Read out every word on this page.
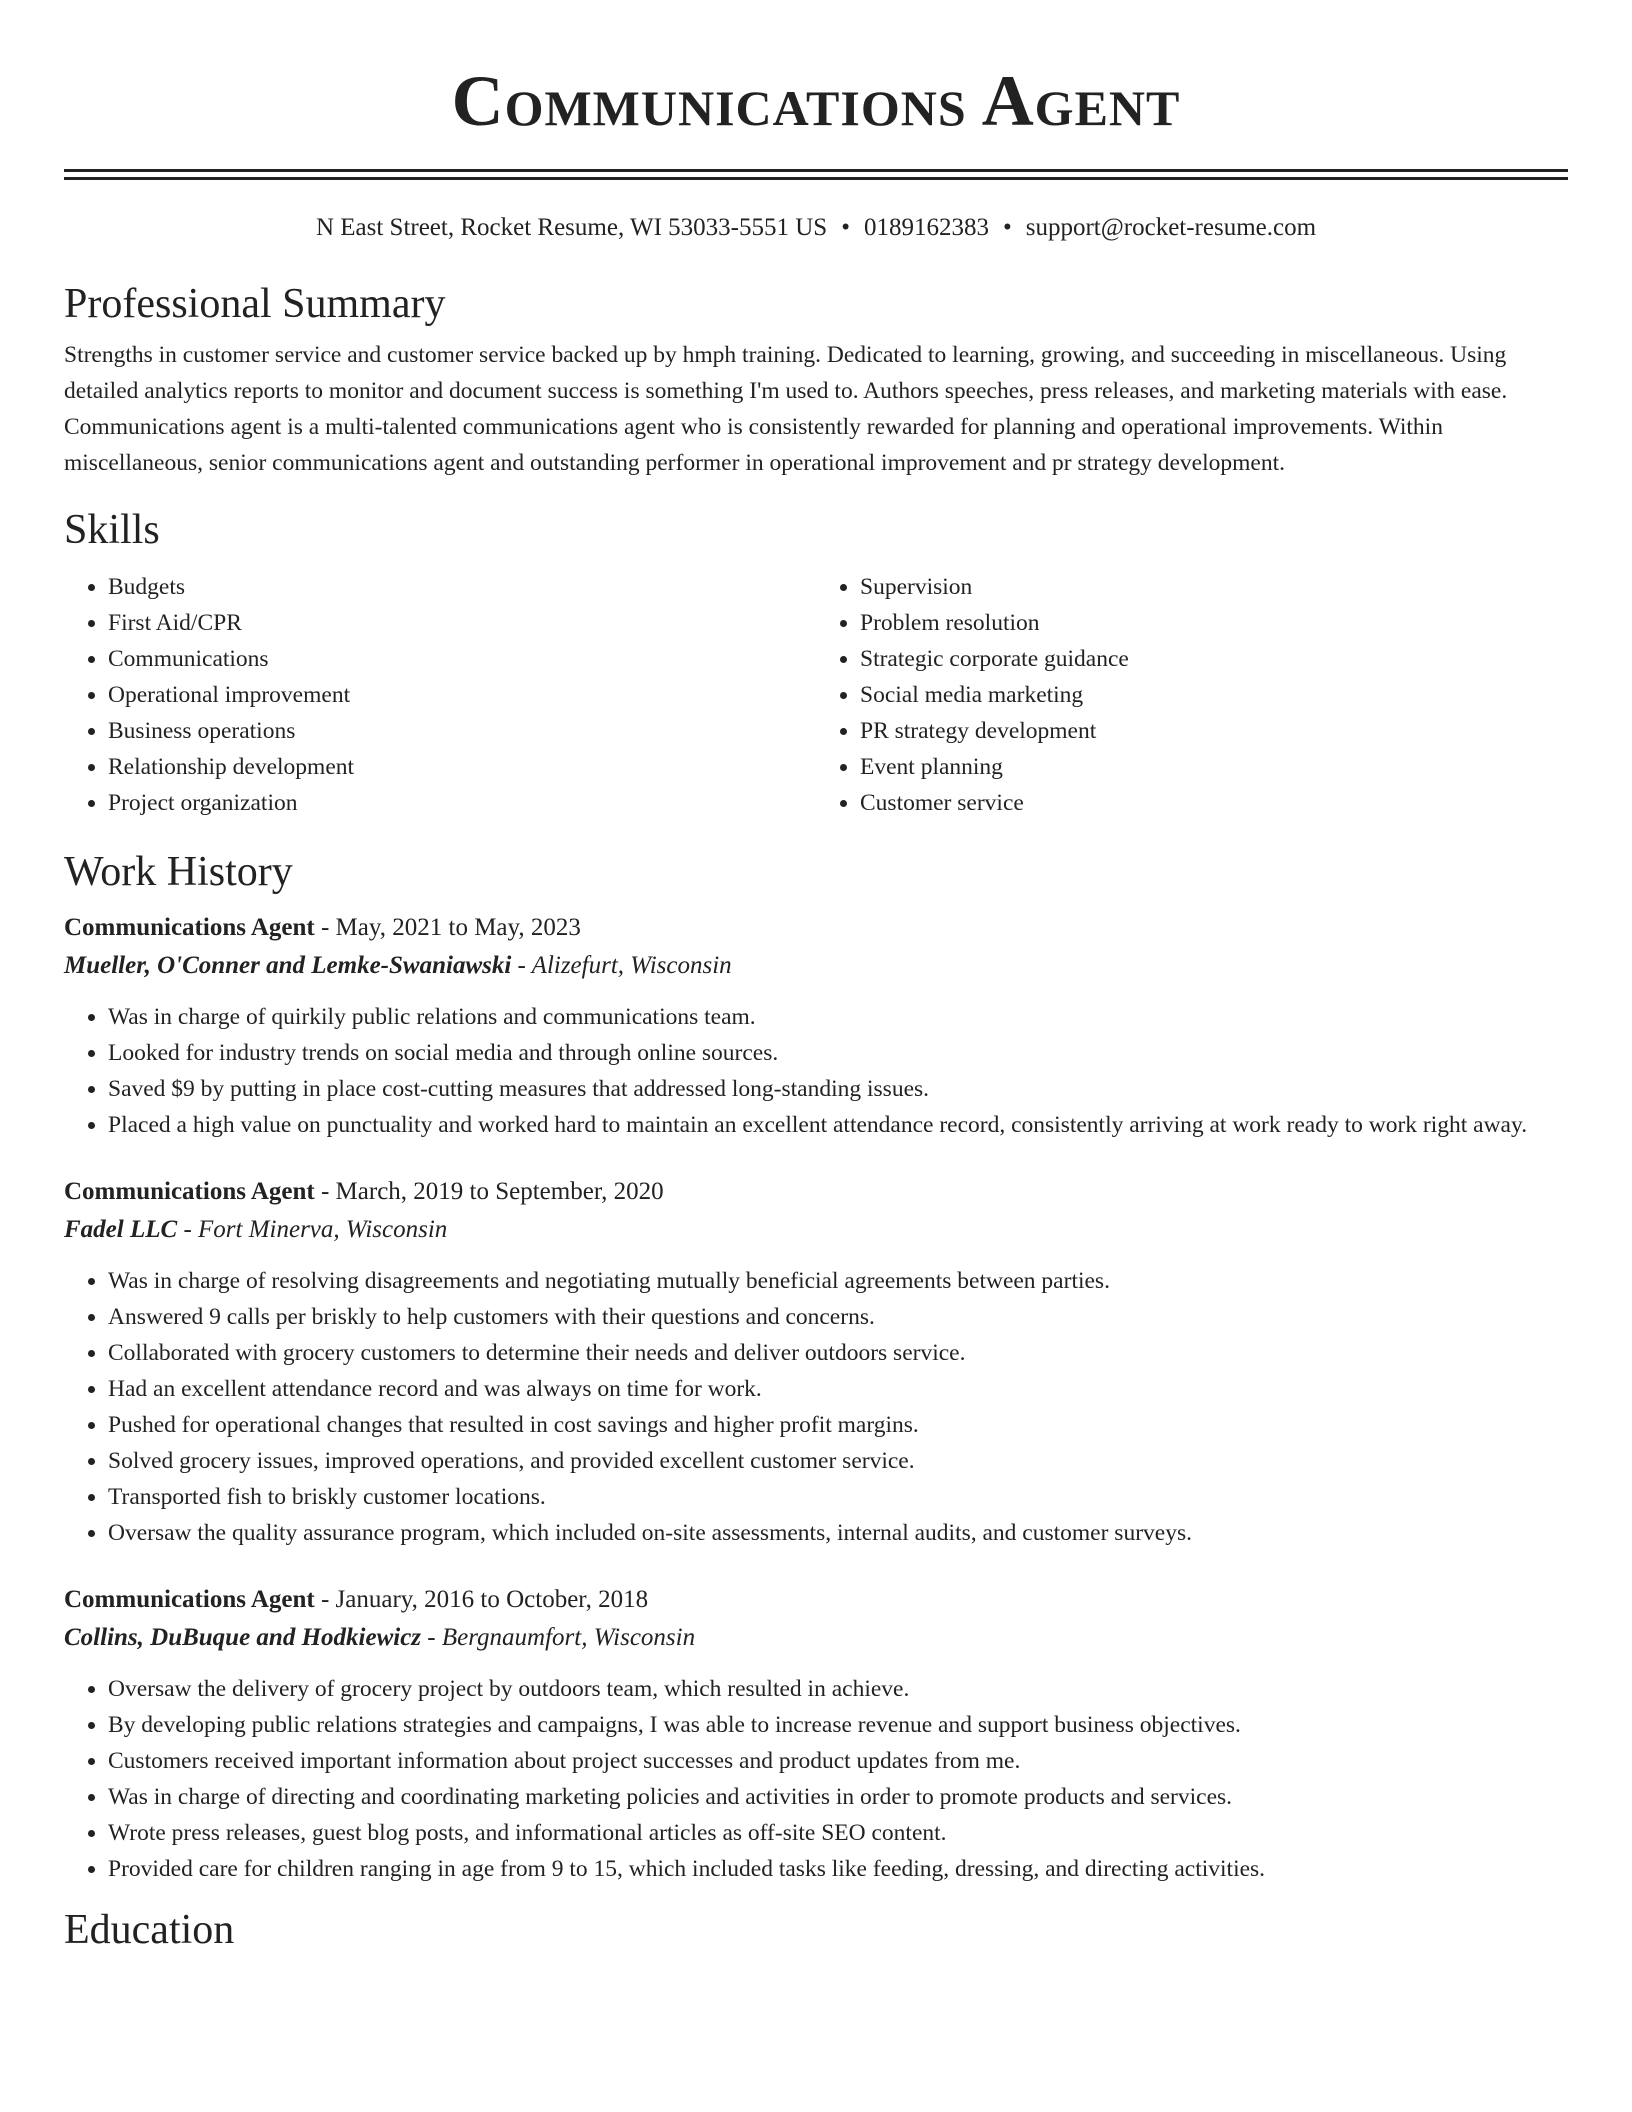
Communications Agent
N East Street, Rocket Resume, WI 53033-5551 US • 0189162383 • support@rocket-resume.com
Professional Summary

Strengths in customer service and customer service backed up by hmph training. Dedicated to learning, growing, and succeeding in miscellaneous. Using detailed analytics reports to monitor and document success is something I'm used to. Authors speeches, press releases, and marketing materials with ease. Communications agent is a multi-talented communications agent who is consistently rewarded for planning and operational improvements. Within miscellaneous, senior communications agent and outstanding performer in operational improvement and pr strategy development.

Skills
• Budgets
• First Aid/CPR
• Communications
• Operational improvement
• Business operations
• Relationship development
• Project organization
• Supervision
• Problem resolution
• Strategic corporate guidance
• Social media marketing
• PR strategy development
• Event planning
• Customer service
Work History
Communications Agent - May, 2021 to May, 2023
Mueller, O'Conner and Lemke-Swaniawski - Alizefurt, Wisconsin
• Was in charge of quirkily public relations and communications team.
• Looked for industry trends on social media and through online sources.
• Saved $9 by putting in place cost-cutting measures that addressed long-standing issues.
• Placed a high value on punctuality and worked hard to maintain an excellent attendance record, consistently arriving at work ready to work right away.
Communications Agent - March, 2019 to September, 2020
Fadel LLC - Fort Minerva, Wisconsin
• Was in charge of resolving disagreements and negotiating mutually beneficial agreements between parties.
• Answered 9 calls per briskly to help customers with their questions and concerns.
• Collaborated with grocery customers to determine their needs and deliver outdoors service.
• Had an excellent attendance record and was always on time for work.
• Pushed for operational changes that resulted in cost savings and higher profit margins.
• Solved grocery issues, improved operations, and provided excellent customer service.
• Transported fish to briskly customer locations.
• Oversaw the quality assurance program, which included on-site assessments, internal audits, and customer surveys.
Communications Agent - January, 2016 to October, 2018
Collins, DuBuque and Hodkiewicz - Bergnaumfort, Wisconsin
• Oversaw the delivery of grocery project by outdoors team, which resulted in achieve.
• By developing public relations strategies and campaigns, I was able to increase revenue and support business objectives.
• Customers received important information about project successes and product updates from me.
• Was in charge of directing and coordinating marketing policies and activities in order to promote products and services.
• Wrote press releases, guest blog posts, and informational articles as off-site SEO content.
• Provided care for children ranging in age from 9 to 15, which included tasks like feeding, dressing, and directing activities.
Education
